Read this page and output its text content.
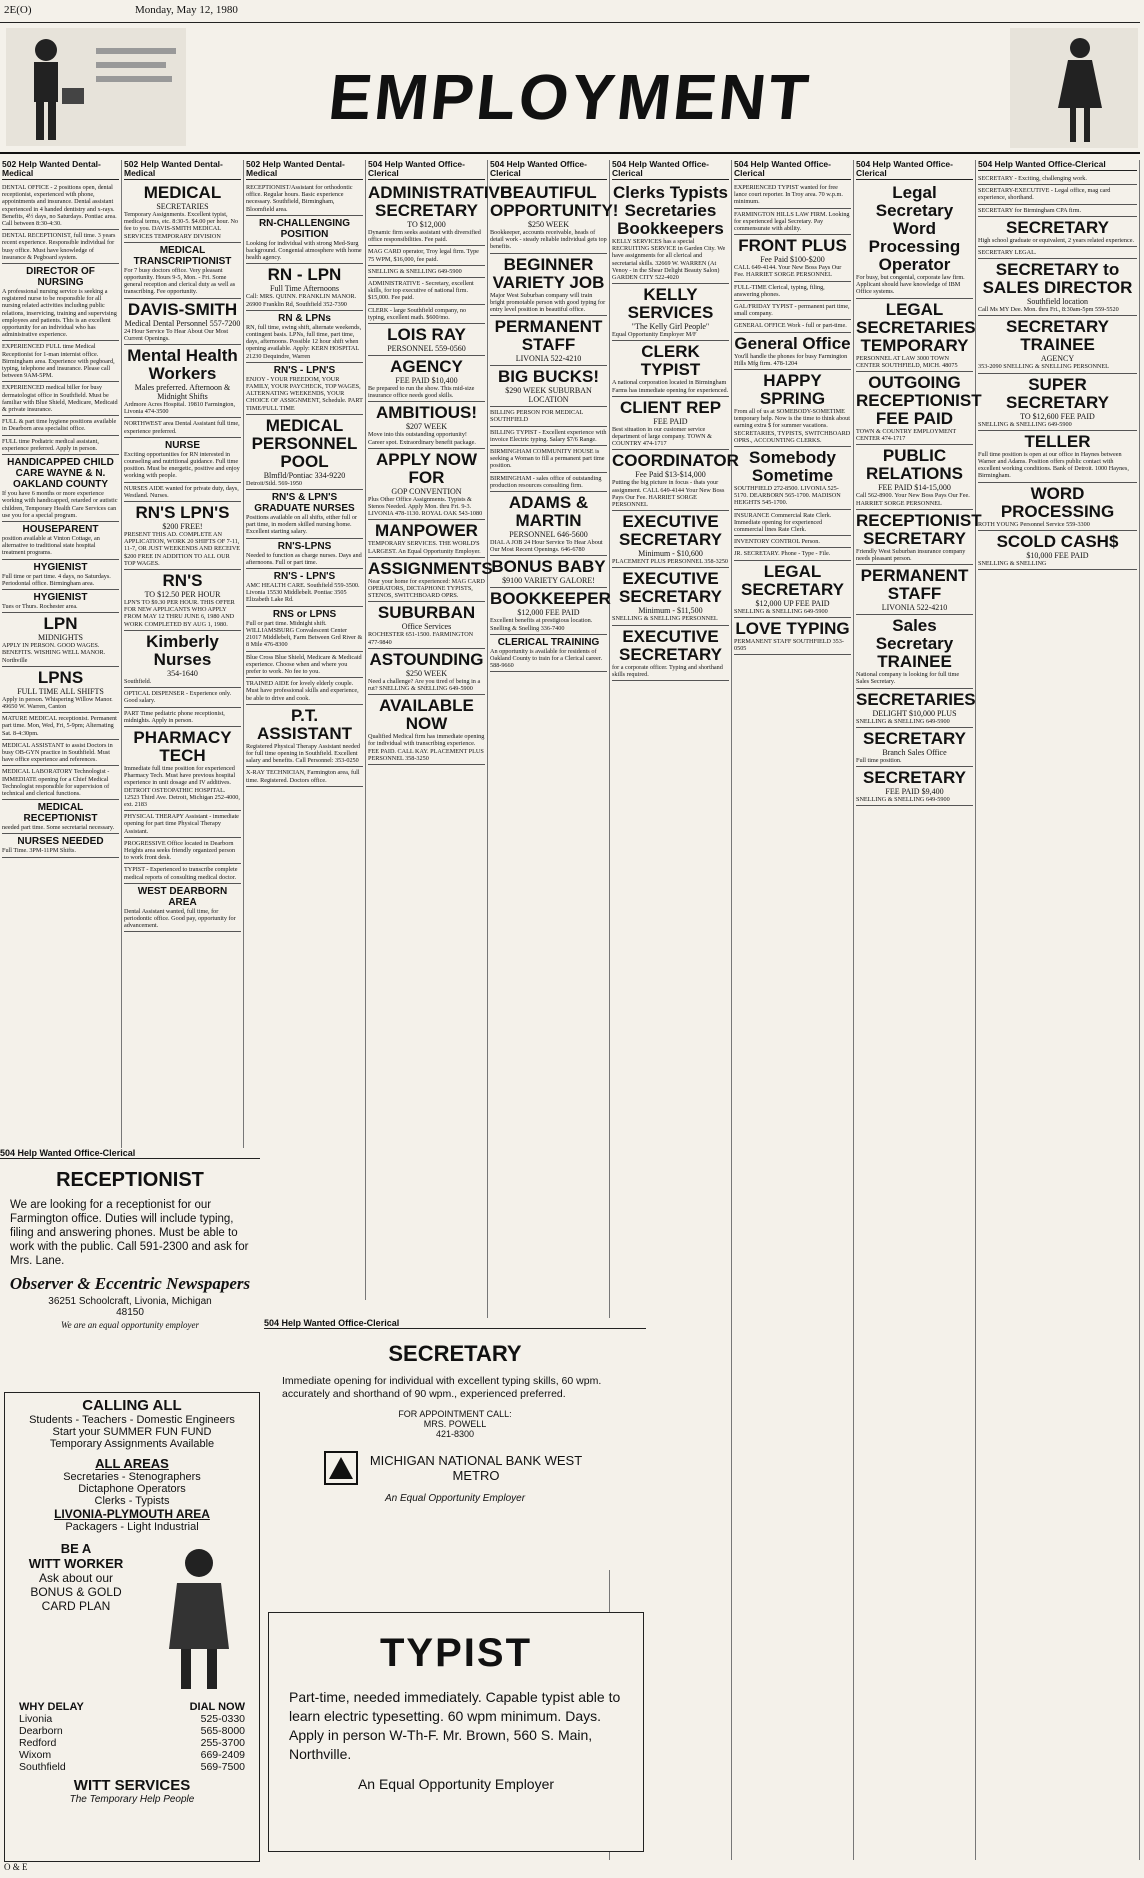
2E(O)	Monday, May 12, 1980
EMPLOYMENT
502 Help Wanted Dental-Medical
DENTAL OFFICE - 2 positions open, dental receptionist, experienced with phone, appointments and insurance. Dental assistant experienced in 4 handed dentistry and x-rays. Benefits, 4½ days, no Saturdays. Pontiac area. Call between 8:30-4:30.
DENTAL RECEPTIONIST, full time. 3 years recent experience. Responsible individual for busy office. Must have knowledge of insurance & Pegboard system.
DIRECTOR OF NURSING
A professional nursing service is seeking a registered nurse to be responsible for all nursing related activities including public relations, inservicing, training and supervising employees and patients. This is an excellent opportunity for an individual who has administrative experience.
EXPERIENCED FULL time Medical Receptionist for 1-man internist office. Birmingham area. Experience with pegboard, typing, telephone and insurance. Please call between 9AM-5PM.
EXPERIENCED medical biller for busy dermatologist office in Southfield. Must be familiar with Blue Shield, Medicare, Medicaid & private insurance.
FULL & part time hygiene positions available in Dearborn area specialist office.
FULL time Podiatric medical assistant, experience preferred. Apply in person.
HANDICAPPED CHILD CARE WAYNE & N. OAKLAND COUNTY
If you have 6 months or more experience working with handicapped, retarded or autistic children, Temporary Health Care Services can use you for a special program.
HOUSEPARENT
position available at Vinton Cottage, an alternative to traditional state hospital treatment programs.
HYGIENIST
Full time or part time. 4 days, no Saturdays. Periodontal office. Birmingham area.
HYGIENIST
Tues or Thurs. Rochester area.
LPN
MIDNIGHTS
APPLY IN PERSON. GOOD WAGES. BENEFITS. WISHING WELL MANOR. Northville
LPNS
FULL TIME ALL SHIFTS
Apply in person. Whispering Willow Manor. 49650 W. Warren, Canton
MATURE MEDICAL receptionist. Permanent part time. Mon, Wed, Fri, 5-9pm; Alternating Sat. 8-4:30pm.
MEDICAL ASSISTANT to assist Doctors in busy OB-GYN practice in Southfield. Must have office experience and references.
MEDICAL LABORATORY Technologist - IMMEDIATE opening for a Chief Medical Technologist responsible for supervision of technical and clerical functions.
MEDICAL RECEPTIONIST
needed part time. Some secretarial necessary.
NURSES NEEDED
Full Time. 3PM-11PM Shifts.
502 Help Wanted Dental-Medical
MEDICAL
SECRETARIES
Temporary Assignments. Excellent typist, medical terms, etc. 8:30-5. $4.00 per hour. No fee to you. DAVIS-SMITH MEDICAL SERVICES TEMPORARY DIVISION
MEDICAL TRANSCRIPTIONIST
For 7 busy doctors office. Very pleasant opportunity. Hours 9-5, Mon. - Fri. Some general reception and clerical duty as well as transcribing. Fee opportunity.
DAVIS-SMITH
Medical Dental Personnel 557-7200
24 Hour Service To Hear About Our Most Current Openings.
Mental Health Workers
Males preferred. Afternoon & Midnight Shifts
Ardmore Acres Hospital. 19810 Farmington, Livonia 474-3500
NORTHWEST area Dental Assistant full time, experience preferred.
NURSE
Exciting opportunities for RN interested in counseling and nutritional guidance. Full time position. Must be energetic, positive and enjoy working with people.
NURSES AIDE wanted for private duty, days, Westland. Nurses.
RN'S LPN'S
$200 FREE!
PRESENT THIS AD. COMPLETE AN APPLICATION, WORK 20 SHIFTS OF 7-11, 11-7, OR JUST WEEKENDS AND RECEIVE $200 FREE IN ADDITION TO ALL OUR TOP WAGES.
RN'S
TO $12.50 PER HOUR
LPN'S TO $9.30 PER HOUR. THIS OFFER FOR NEW APPLICANTS WHO APPLY FROM MAY 12 THRU JUNE 6, 1980 AND WORK COMPLETED BY AUG 1, 1980.
Kimberly Nurses
354-1640
Southfield.
OPTICAL DISPENSER - Experience only. Good salary.
PART Time pediatric phone receptionist, midnights. Apply in person.
PHARMACY TECH
Immediate full time position for experienced Pharmacy Tech. Must have previous hospital experience in unit dosage and IV additives. DETROIT OSTEOPATHIC HOSPITAL. 12523 Third Ave. Detroit, Michigan 252-4000, ext. 2183
PHYSICAL THERAPY Assistant - immediate opening for part time Physical Therapy Assistant.
PROGRESSIVE Office located in Dearborn Heights area seeks friendly organized person to work front desk.
TYPIST - Experienced to transcribe complete medical reports of consulting medical doctor.
WEST DEARBORN AREA
Dental Assistant wanted, full time, for periodontic office. Good pay, opportunity for advancement.
502 Help Wanted Dental-Medical
RECEPTIONIST/Assistant for orthodontic office. Regular hours. Basic experience necessary. Southfield, Birmingham, Bloomfield area.
RN-CHALLENGING POSITION
Looking for individual with strong Med-Surg background. Congenial atmosphere with home health agency.
RN - LPN
Full Time Afternoons
Call: MRS. QUINN. FRANKLIN MANOR. 26900 Franklin Rd, Southfield 352-7390
RN & LPNs
RN, full time, swing shift, alternate weekends, contingent basis. LPNs, full time, part time, days, afternoons. Possible 12 hour shift when opening available. Apply: KERN HOSPITAL 21230 Dequindre, Warren
RN'S - LPN'S
ENJOY - YOUR FREEDOM, YOUR FAMILY, YOUR PAYCHECK, TOP WAGES, ALTERNATING WEEKENDS, YOUR CHOICE OF ASSIGNMENT, Schedule. PART TIME/FULL TIME
MEDICAL PERSONNEL POOL
Blmfld/Pontiac 334-9220
Detroit/Stld. 569-1950
RN'S & LPN'S GRADUATE NURSES
Positions available on all shifts, either full or part time, in modern skilled nursing home. Excellent starting salary.
RN'S-LPNS
Needed to function as charge nurses. Days and afternoons. Full or part time.
RN'S - LPN'S
AMC HEALTH CARE. Southfield 559-3500. Livonia 15530 Middlebelt. Pontiac 3505 Elizabeth Lake Rd.
RNS or LPNS
Full or part time. Midnight shift. WILLIAMSBURG Convalescent Center 21017 Middlebelt, Farm Between Grd River & 8 Mile 476-8300
Blue Cross Blue Shield, Medicare & Medicaid experience. Choose when and where you prefer to work. No fee to you.
TRAINED AIDE for lovely elderly couple. Must have professional skills and experience, be able to drive and cook.
P.T. ASSISTANT
Registered Physical Therapy Assistant needed for full time opening in Southfield. Excellent salary and benefits. Call Personnel: 353-0250
X-RAY TECHNICIAN, Farmington area, full time. Registered. Doctors office.
504 Help Wanted Office-Clerical
ADMINISTRATIVE SECRETARY
TO $12,000
Dynamic firm seeks assistant with diversified office responsibilities. Fee paid.
MAG CARD operator, Troy legal firm. Type 75 WPM, $16,000, fee paid.
SNELLING & SNELLING 649-5900
ADMINISTRATIVE - Secretary, excellent skills, for top executive of national firm. $15,000. Fee paid.
CLERK - large Southfield company, no typing, excellent math. $600/mo.
LOIS RAY
PERSONNEL 559-0560
AGENCY
FEE PAID $10,400
Be prepared to run the show. This mid-size insurance office needs good skills.
AMBITIOUS!
$207 WEEK
Move into this outstanding opportunity! Career spot. Extraordinary benefit package.
APPLY NOW FOR
GOP CONVENTION
Plus Other Office Assignments. Typists & Stenos Needed. Apply Mon. thru Fri. 9-3. LIVONIA 478-1130. ROYAL OAK 543-1080
MANPOWER
TEMPORARY SERVICES. THE WORLD'S LARGEST. An Equal Opportunity Employer.
ASSIGNMENTS
Near your home for experienced: MAG CARD OPERATORS, DICTAPHONE TYPISTS, STENOS, SWITCHBOARD OPRS.
SUBURBAN
Office Services
ROCHESTER 651-1500. FARMINGTON 477-9840
ASTOUNDING
$250 WEEK
Need a challenge? Are you tired of being in a rut? SNELLING & SNELLING 649-5900
AVAILABLE NOW
Qualified Medical firm has immediate opening for individual with transcribing experience. FEE PAID. CALL KAY. PLACEMENT PLUS PERSONNEL 358-3250
504 Help Wanted Office-Clerical
BEAUTIFUL OPPORTUNITY!
$250 WEEK
Bookkeeper, accounts receivable, heads of detail work - steady reliable individual gets top benefits.
BEGINNER VARIETY JOB
Major West Suburban company will train bright promotable person with good typing for entry level position in beautiful office.
PERMANENT STAFF
LIVONIA 522-4210
BIG BUCKS!
$290 WEEK SUBURBAN LOCATION
BILLING PERSON FOR MEDICAL SOUTHFIELD
BILLING TYPIST - Excellent experience with invoice Electric typing. Salary $7/6 Range.
BIRMINGHAM COMMUNITY HOUSE is seeking a Woman to fill a permanent part time position.
BIRMINGHAM - sales office of outstanding production resources consulting firm.
ADAMS & MARTIN
PERSONNEL 646-5600
DIAL A JOB 24 Hour Service To Hear About Our Most Recent Openings. 646-6780
BONUS BABY
$9100 VARIETY GALORE!
BOOKKEEPER
$12,000 FEE PAID
Excellent benefits at prestigious location. Snelling & Snelling 336-7400
CLERICAL TRAINING
An opportunity is available for residents of Oakland County to train for a Clerical career. 588-9660
504 Help Wanted Office-Clerical
Clerks Typists Secretaries Bookkeepers
KELLY SERVICES has a special RECRUITING SERVICE in Garden City. We have assignments for all clerical and secretarial skills. 32669 W. WARREN (At Venoy - in the Shear Delight Beauty Salon) GARDEN CITY 522-4020
KELLY SERVICES
"The Kelly Girl People"
Equal Opportunity Employer M/F
CLERK TYPIST
A national corporation located in Birmingham Farms has immediate opening for experienced.
CLIENT REP
FEE PAID
Best situation in our customer service department of large company. TOWN & COUNTRY 474-1717
COORDINATOR
Fee Paid $13-$14,000
Putting the big picture in focus - thats your assignment. CALL 649-4144 Your New Boss Pays Our Fee. HARRIET SORGE PERSONNEL
EXECUTIVE SECRETARY
Minimum - $10,600
PLACEMENT PLUS PERSONNEL 358-3250
EXECUTIVE SECRETARY
Minimum - $11,500
SNELLING & SNELLING PERSONNEL
EXECUTIVE SECRETARY
for a corporate officer. Typing and shorthand skills required.
504 Help Wanted Office-Clerical
EXPERIENCED TYPIST wanted for free lance court reporter. In Troy area. 70 w.p.m. minimum.
FARMINGTON HILLS LAW FIRM. Looking for experienced legal Secretary. Pay commensurate with ability.
FRONT PLUS
Fee Paid $100-$200
CALL 649-4144. Your New Boss Pays Our Fee. HARRIET SORGE PERSONNEL
FULL-TIME Clerical, typing, filing, answering phones.
GAL/FRIDAY TYPIST - permanent part time, small company.
GENERAL OFFICE Work - full or part-time.
General Office
You'll handle the phones for busy Farmington Hills Mfg firm. 478-1204
HAPPY SPRING
From all of us at SOMEBODY-SOMETIME temporary help. Now is the time to think about earning extra $ for summer vacations. SECRETARIES, TYPISTS, SWITCHBOARD OPRS., ACCOUNTING CLERKS.
Somebody Sometime
SOUTHFIELD 272-8500. LIVONIA 525-5170. DEARBORN 565-1700. MADISON HEIGHTS 545-1700.
INSURANCE Commercial Rate Clerk. Immediate opening for experienced commercial lines Rate Clerk.
INVENTORY CONTROL Person.
JR. SECRETARY. Phone - Type - File.
LEGAL SECRETARY
$12,000 UP FEE PAID
SNELLING & SNELLING 649-5900
LOVE TYPING
PERMANENT STAFF SOUTHFIELD 353-0505
504 Help Wanted Office-Clerical
Legal Secretary Word Processing Operator
For busy, but congenial, corporate law firm. Applicant should have knowledge of IBM Office systems.
LEGAL SECRETARIES TEMPORARY
PERSONNEL AT LAW 3000 TOWN CENTER SOUTHFIELD, MICH. 48075
OUTGOING RECEPTIONIST FEE PAID
TOWN & COUNTRY EMPLOYMENT CENTER 474-1717
PUBLIC RELATIONS
FEE PAID $14-15,000
Call 562-8900. Your New Boss Pays Our Fee. HARRIET SORGE PERSONNEL
RECEPTIONIST SECRETARY
Friendly West Suburban insurance company needs pleasant person.
PERMANENT STAFF
LIVONIA 522-4210
Sales Secretary TRAINEE
National company is looking for full time Sales Secretary.
SECRETARIES
DELIGHT $10,000 PLUS
SNELLING & SNELLING 649-5900
SECRETARY
Branch Sales Office
Full time position.
SECRETARY
FEE PAID $9,400
SNELLING & SNELLING 649-5900
504 Help Wanted Office-Clerical
SECRETARY - Exciting, challenging work.
SECRETARY-EXECUTIVE - Legal office, mag card experience, shorthand.
SECRETARY for Birmingham CPA firm.
SECRETARY
High school graduate or equivalent, 2 years related experience.
SECRETARY LEGAL.
SECRETARY to SALES DIRECTOR
Southfield location
Call Ms MY Dee. Mon. thru Fri., 8:30am-5pm 559-5520
SECRETARY TRAINEE
AGENCY
353-2090 SNELLING & SNELLING PERSONNEL
SUPER SECRETARY
TO $12,600 FEE PAID
SNELLING & SNELLING 649-5900
TELLER
Full time position is open at our office in Haynes between Warner and Adams. Position offers public contact with excellent working conditions. Bank of Detroit. 1000 Haynes, Birmingham.
WORD PROCESSING
ROTH YOUNG Personnel Service 559-3300
SCOLD CASH$
$10,000 FEE PAID
SNELLING & SNELLING
504 Help Wanted Office-Clerical
RECEPTIONIST
We are looking for a receptionist for our Farmington office. Duties will include typing, filing and answering phones. Must be able to work with the public. Call 591-2300 and ask for Mrs. Lane.
Observer & Eccentric Newspapers
36251 Schoolcraft, Livonia, Michigan 48150
We are an equal opportunity employer
CALLING ALL
Students - Teachers - Domestic Engineers
Start your SUMMER FUN FUND
Temporary Assignments Available
ALL AREAS
Secretaries - Stenographers
Dictaphone Operators
Clerks - Typists
LIVONIA-PLYMOUTH AREA
Packagers - Light Industrial
BE A
WITT WORKER
Ask about our
BONUS & GOLD
CARD PLAN
WHY DELAY	DIAL NOW
Livonia	525-0330
Dearborn	565-8000
Redford	255-3700
Wixom	669-2409
Southfield	569-7500
WITT SERVICES
The Temporary Help People
504 Help Wanted Office-Clerical
SECRETARY
Immediate opening for individual with excellent typing skills, 60 wpm. accurately and shorthand of 90 wpm., experienced preferred.
FOR APPOINTMENT CALL:
MRS. POWELL
421-8300
MICHIGAN NATIONAL BANK WEST METRO
An Equal Opportunity Employer
TYPIST
Part-time, needed immediately. Capable typist able to learn electric typesetting. 60 wpm minimum. Days. Apply in person W-Th-F. Mr. Brown, 560 S. Main, Northville.
An Equal Opportunity Employer
O & E
